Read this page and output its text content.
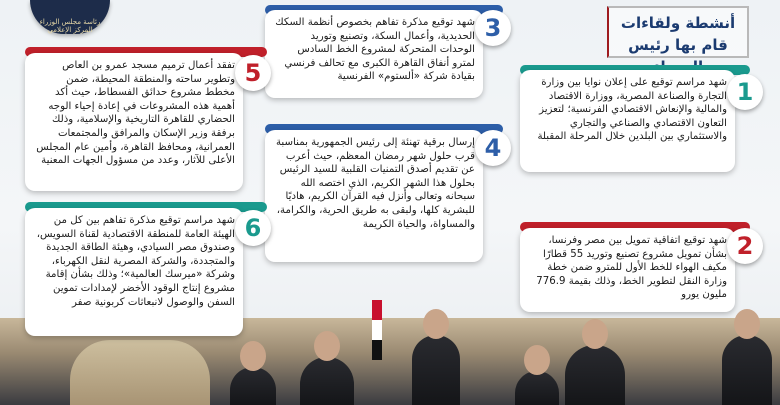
رئاسة مجلس الوزراء
المركز الإعلامي	أنشطة ولقاءات قام بها رئيس
شهد مراسم توقيع على إعلان نوايا بين وزارة التجارة والصناعة المصرية، ووزارة الاقتصاد والمالية والإنعاش الاقتصادي الفرنسية؛ لتعزيز التعاون الاقتصادي والصناعي والتجاري والاستثماري بين البلدين خلال المرحلة المقبلة
1
شهد توقيع اتفاقية تمويل بين مصر وفرنسا، بشأن تمويل مشروع تصنيع وتوريد 55 قطارًا مكيف الهواء للخط الأول للمترو ضمن خطة وزارة النقل لتطوير الخط، وذلك بقيمة 776.9 مليون يورو
2
شهد توقيع مذكرة تفاهم بخصوص أنظمة السكك الحديدية، وأعمال السكة، وتصنيع وتوريد الوحدات المتحركة لمشروع الخط السادس لمترو أنفاق القاهرة الكبرى مع تحالف فرنسي بقيادة شركة «ألستوم» الفرنسية
3
إرسال برقية تهنئة إلى رئيس الجمهورية بمناسبة قرب حلول شهر رمضان المعظم، حيث أعرب عن تقديم أصدق التمنيات القلبية للسيد الرئيس بحلول هذا الشهر الكريم، الذي اختصه الله سبحانه وتعالى وأنزل فيه القرآن الكريم، هاديًا للبشرية كلها، ولبقى به طريق الحرية، والكرامة، والمساواة، والحياة الكريمة
4
تفقد أعمال ترميم مسجد عمرو بن العاص وتطوير ساحته والمنطقة المحيطة، ضمن مخطط مشروع حدائق الفسطاط، حيث أكد أهمية هذه المشروعات في إعادة إحياء الوجه الحضاري للقاهرة التاريخية والإسلامية، وذلك برفقة وزير الإسكان والمرافق والمجتمعات العمرانية، ومحافظ القاهرة، وأمين عام المجلس الأعلى للآثار، وعدد من مسؤول الجهات المعنية
5
شهد مراسم توقيع مذكرة تفاهم بين كل من الهيئة العامة للمنطقة الاقتصادية لقناة السويس، وصندوق مصر السيادي، وهيئة الطاقة الجديدة والمتجددة، والشركة المصرية لنقل الكهرباء، وشركة «ميرسك العالمية»؛ وذلك بشأن إقامة مشروع إنتاج الوقود الأخضر لإمدادات تموين السفن والوصول لانبعاثات كربونية صفر
6
